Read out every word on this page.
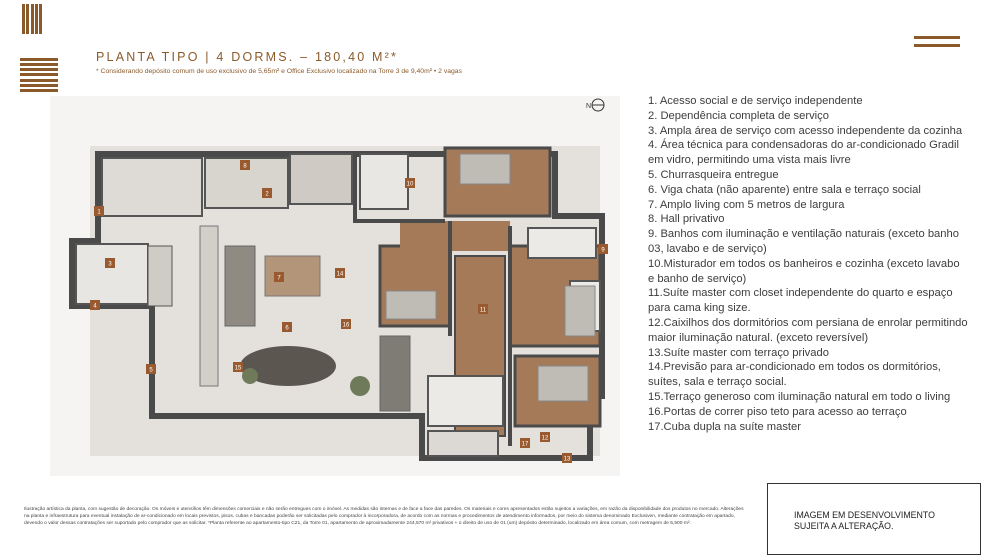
PLANTA TIPO | 4 DORMS. – 180,40 M²*
* Considerando depósito comum de uso exclusivo de 5,65m² e Office Exclusivo localizado na Torre 3 de 9,40m² • 2 vagas
1
2
3
4
5
6
7
8
9
10
11
12
13
14
15
16
17
N	1. Acesso social e de serviço independente
2. Dependência completa de serviço
3. Ampla área de serviço com acesso independente da cozinha
4. Área técnica para condensadoras do ar-condicionado Gradil em vidro, permitindo uma vista mais livre
5. Churrasqueira entregue
6. Viga chata (não aparente) entre sala e terraço social
7. Amplo living com 5 metros de largura
8. Hall privativo
9. Banhos com iluminação e ventilação naturais (exceto banho 03, lavabo e de serviço)
10.Misturador em todos os banheiros e cozinha (exceto lavabo e banho de serviço)
11.Suíte master com closet independente do quarto e espaço para cama king size.
12.Caixilhos dos dormitórios com persiana de enrolar permitindo maior iluminação natural. (exceto reversível)
13.Suíte master com terraço privado
14.Previsão para ar-condicionado em todos os dormitórios, suítes, sala e terraço social.
15.Terraço generoso com iluminação natural em todo o living
16.Portas de correr piso teto para acesso ao terraço
17.Cuba dupla na suíte master
Ilustração artística da planta, com sugestão de decoração. Os móveis e utensílios têm dimensões comerciais e não serão entregues com o imóvel. As medidas são internas e de face a face das paredes. Os materiais e cores apresentados estão sujeitos a variações, em razão da disponibilidade dos produtos no mercado. Alterações na planta e infraestrutura para eventual instalação de ar-condicionado em locais previstos, pisos, cubas e bancadas poderão ser solicitadas pelo comprador à incorporadora, de acordo com as normas e procedimentos de atendimento informados, por meio do sistema denominado Exclusiven, mediante contratação em apartado, devendo o valor dessas contratações ser suportado pelo comprador que as solicitar. *Planta referente ao apartamento-tipo C21, da Torre 01, apartamento de aproximadamente 244,570 m² privativos + o direito de uso de 01 (um) depósito determinado, localizado em área comum, com metragem de 5,500 m².
IMAGEM EM DESENVOLVIMENTO
SUJEITA A ALTERAÇÃO.
